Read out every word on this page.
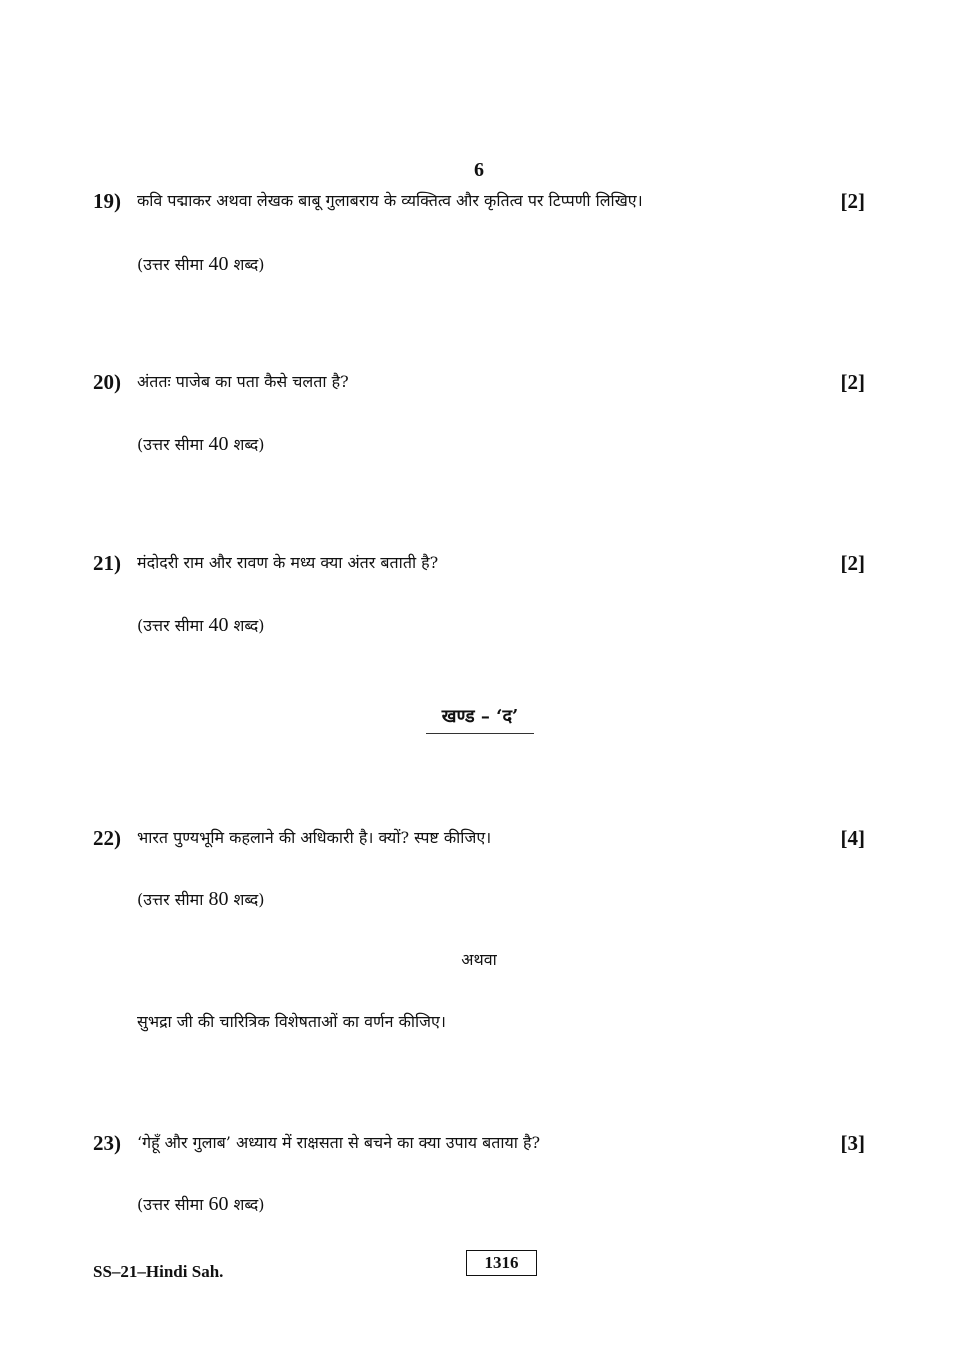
6
19) कवि पद्माकर अथवा लेखक बाबू गुलाबराय के व्यक्तित्व और कृतित्व पर टिप्पणी लिखिए।	[2]
(उत्तर सीमा 40 शब्द)
20) अंततः पाजेब का पता कैसे चलता है?	[2]
(उत्तर सीमा 40 शब्द)
21) मंदोदरी राम और रावण के मध्य क्या अंतर बताती है?	[2]
(उत्तर सीमा 40 शब्द)
खण्ड – ‘द’
22) भारत पुण्यभूमि कहलाने की अधिकारी है। क्यों? स्पष्ट कीजिए।	[4]
(उत्तर सीमा 80 शब्द)
अथवा
सुभद्रा जी की चारित्रिक विशेषताओं का वर्णन कीजिए।
23) ‘गेहूँ और गुलाब’ अध्याय में राक्षसता से बचने का क्या उपाय बताया है?	[3]
(उत्तर सीमा 60 शब्द)
SS–21–Hindi Sah.	1316
